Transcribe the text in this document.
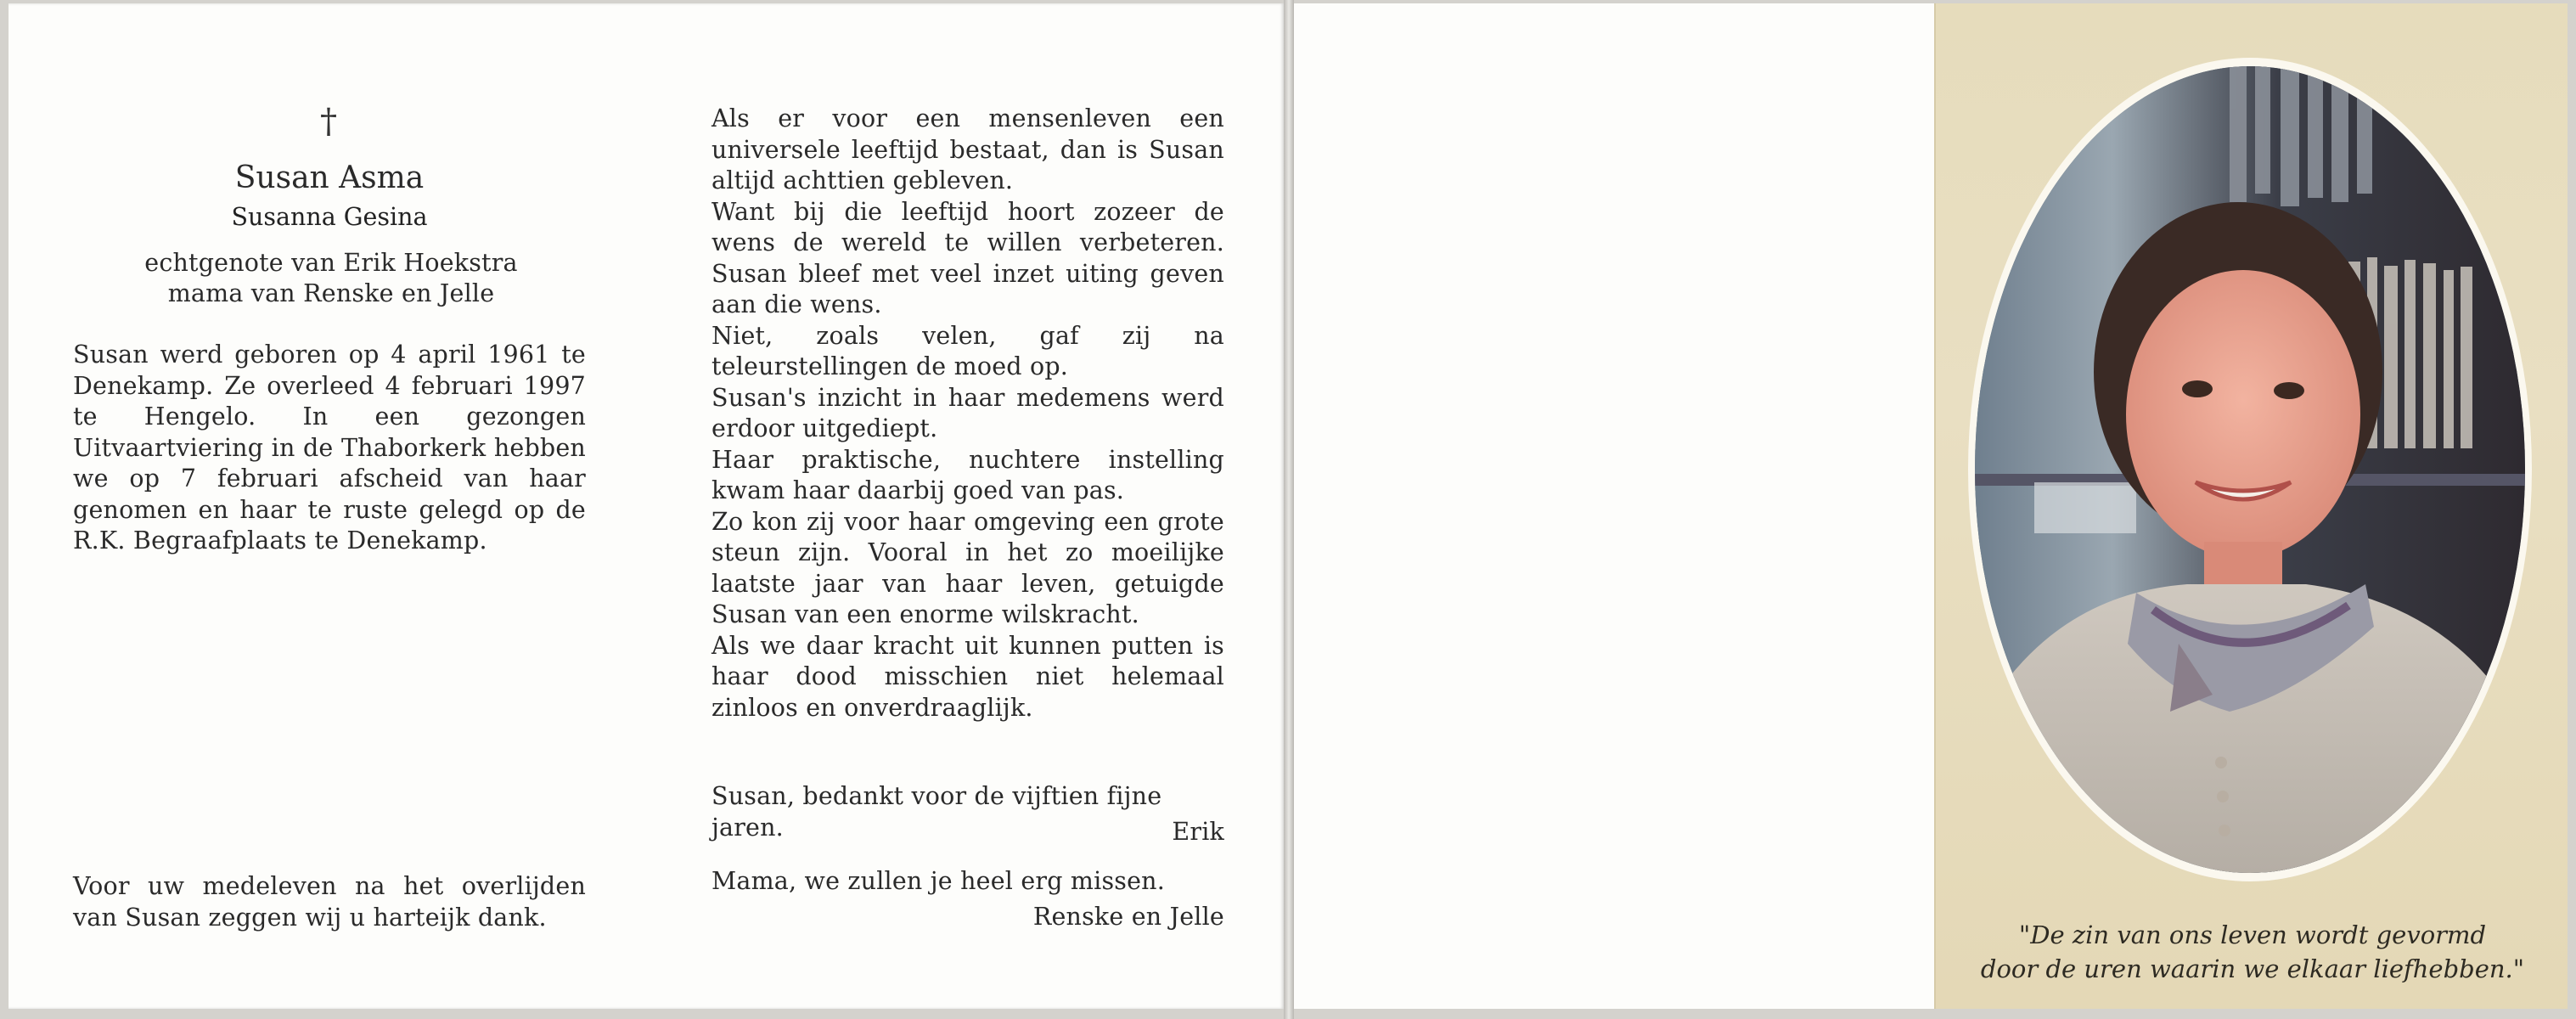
†
Susan Asma
Susanna Gesina
echtgenote van Erik Hoekstra
mama van Renske en Jelle
Susan werd geboren op 4 april 1961 te Denekamp. Ze overleed 4 februari 1997 te Hengelo. In een gezongen Uitvaartviering in de Thaborkerk hebben we op 7 februari afscheid van haar genomen en haar te ruste gelegd op de R.K. Begraafplaats te Denekamp.
Voor uw medeleven na het overlijden van Susan zeggen wij u harteijk dank.

Als er voor een mensenleven een universele leeftijd bestaat, dan is Susan altijd achttien gebleven.

Want bij die leeftijd hoort zozeer de wens de wereld te willen verbeteren. Susan bleef met veel inzet uiting geven aan die wens.

Niet, zoals velen, gaf zij na teleurstellingen de moed op.

Susan's inzicht in haar medemens werd erdoor uitgediept.

Haar praktische, nuchtere instelling kwam haar daarbij goed van pas.

Zo kon zij voor haar omgeving een grote steun zijn. Vooral in het zo moeilijke laatste jaar van haar leven, getuigde Susan van een enorme wilskracht.

Als we daar kracht uit kunnen putten is haar dood misschien niet helemaal zinloos en onverdraaglijk.

Susan, bedankt voor de vijftien fijne jaren.	Erik
Mama, we zullen je heel erg missen.
Renske en Jelle
"De zin van ons leven wordt gevormd
door de uren waarin we elkaar liefhebben."
